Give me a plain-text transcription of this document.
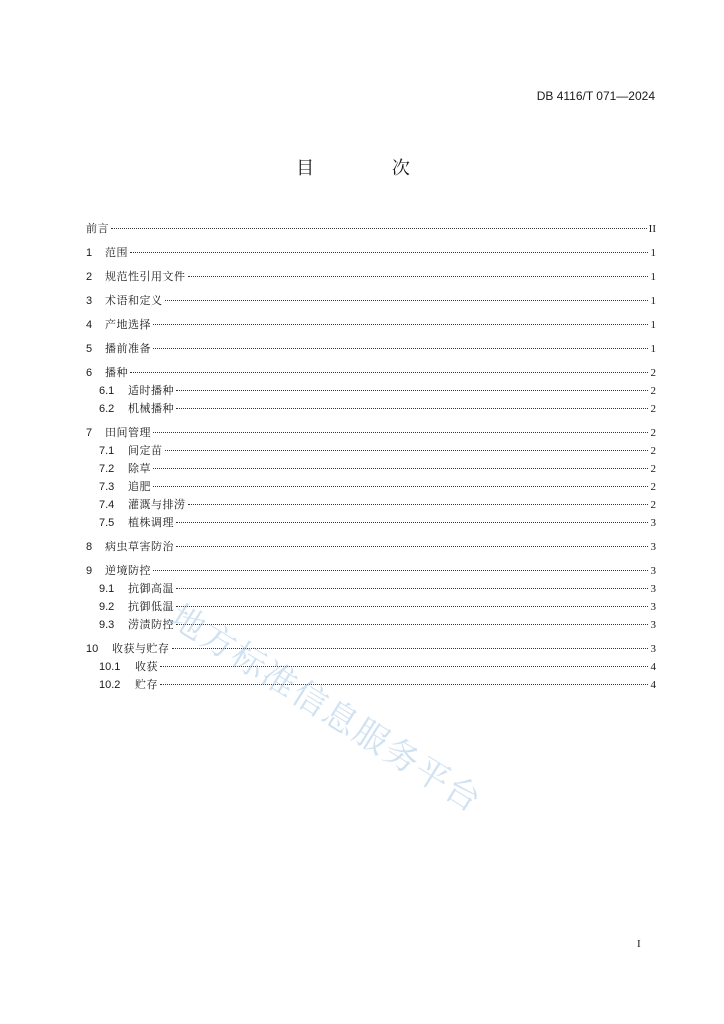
DB 4116/T 071—2024
目 次
前言	II
1	范围	1
2	规范性引用文件	1
3	术语和定义	1
4	产地选择	1
5	播前准备	1
6	播种	2
6.1	适时播种	2
6.2	机械播种	2
7	田间管理	2
7.1	间定苗	2
7.2	除草	2
7.3	追肥	2
7.4	灌溉与排涝	2
7.5	植株调理	3
8	病虫草害防治	3
9	逆境防控	3
9.1	抗御高温	3
9.2	抗御低温	3
9.3	涝渍防控	3
10	收获与贮存	3
10.1	收获	4
10.2	贮存	4
I
地方标准信息服务平台
